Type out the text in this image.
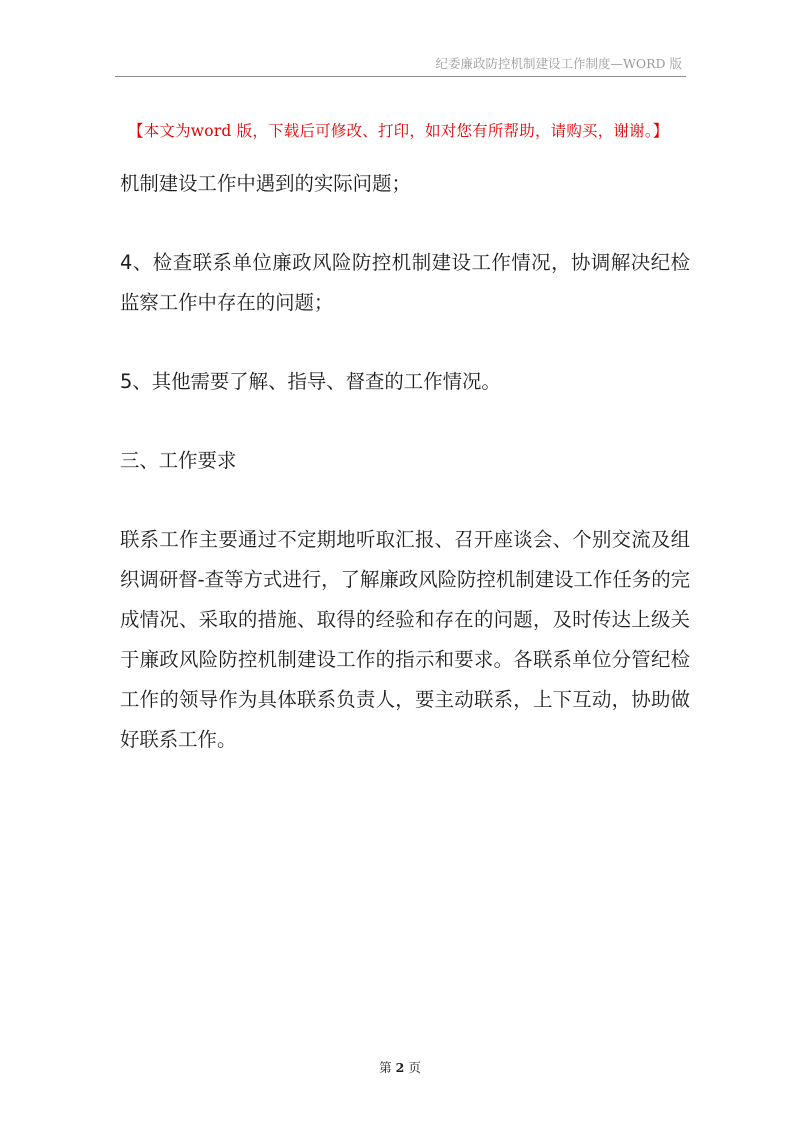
纪委廉政防控机制建设工作制度—WORD 版
【本文为word 版，下载后可修改、打印，如对您有所帮助，请购买，谢谢。】
机制建设工作中遇到的实际问题；
4、检查联系单位廉政风险防控机制建设工作情况，协调解决纪检监察工作中存在的问题；
5、其他需要了解、指导、督查的工作情况。
三、工作要求
联系工作主要通过不定期地听取汇报、召开座谈会、个别交流及组织调研督-查等方式进行，了解廉政风险防控机制建设工作任务的完成情况、采取的措施、取得的经验和存在的问题，及时传达上级关于廉政风险防控机制建设工作的指示和要求。各联系单位分管纪检工作的领导作为具体联系负责人，要主动联系，上下互动，协助做好联系工作。
第 2 页
